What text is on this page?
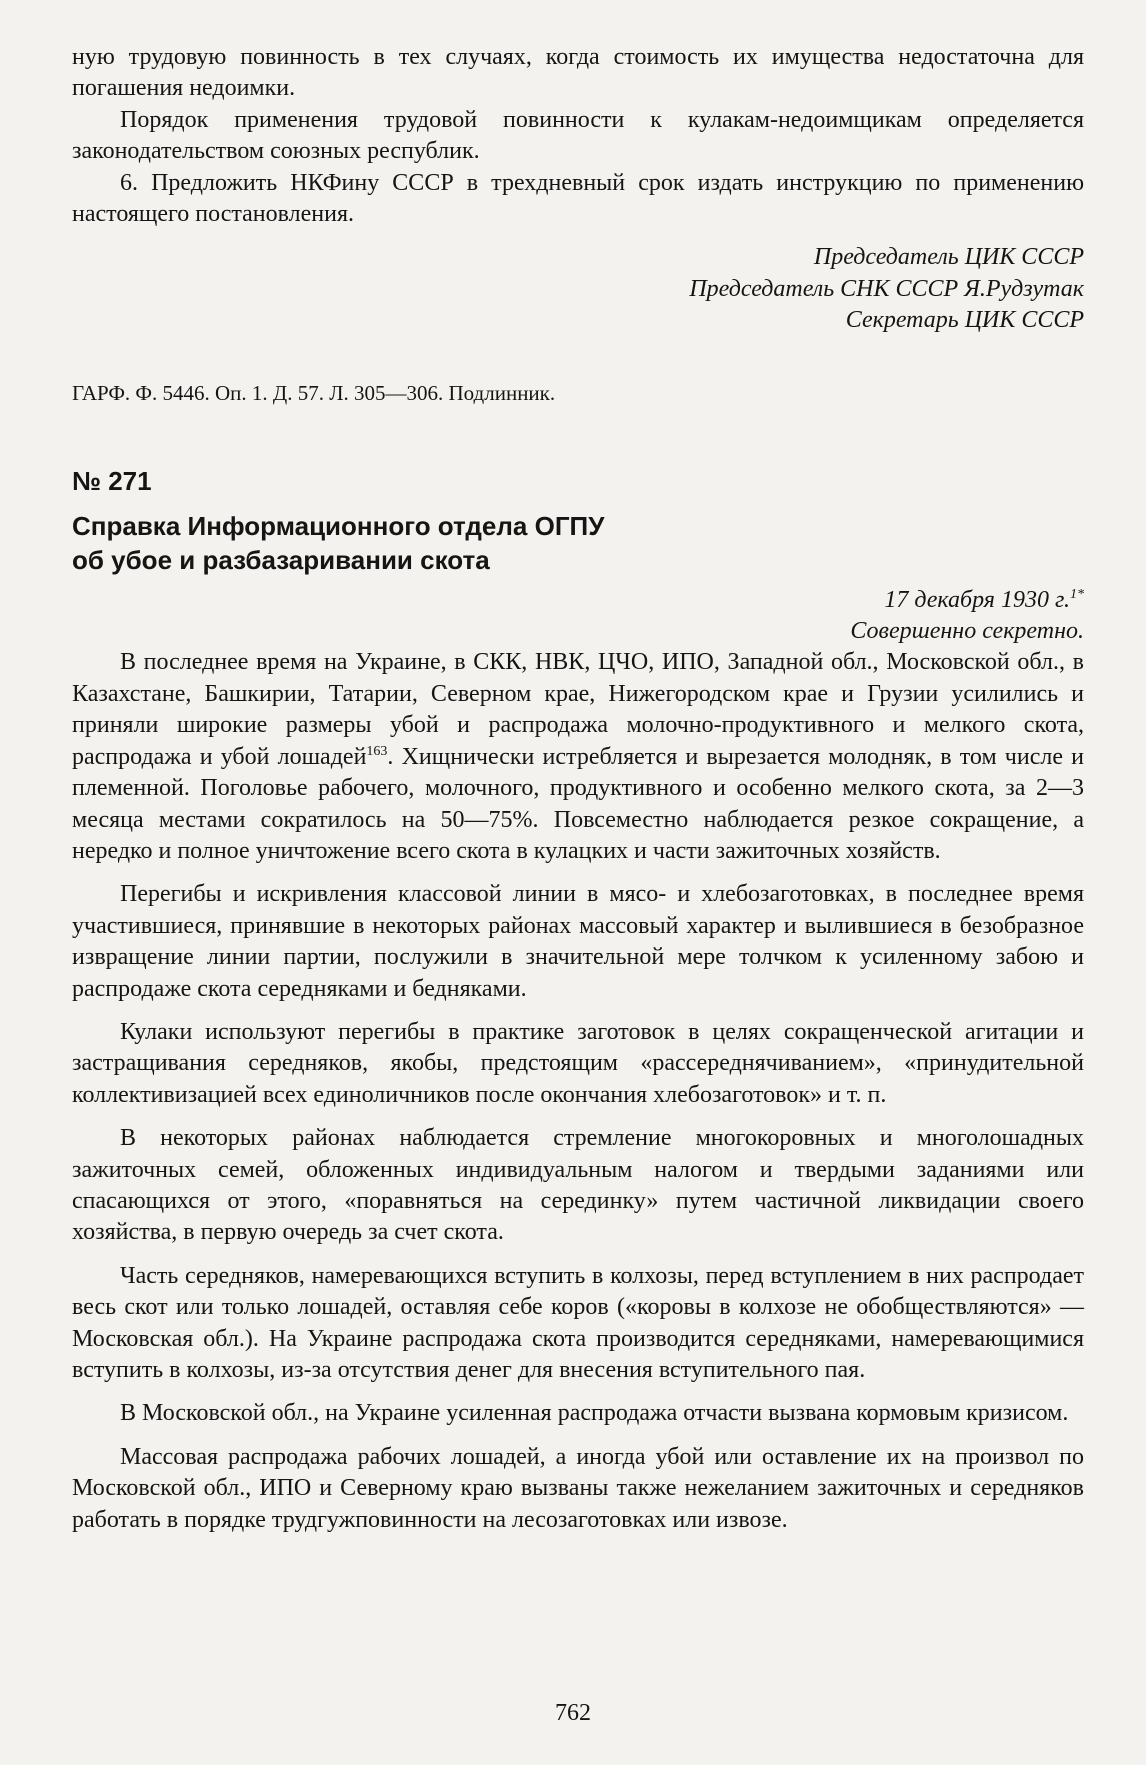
ную трудовую повинность в тех случаях, когда стоимость их имущества недостаточна для погашения недоимки.

Порядок применения трудовой повинности к кулакам-недоимщикам определяется законодательством союзных республик.

6. Предложить НКФину СССР в трехдневный срок издать инструкцию по применению настоящего постановления.

Председатель ЦИК СССР
Председатель СНК СССР Я.Рудзутак
Секретарь ЦИК СССР
ГАРФ. Ф. 5446. Оп. 1. Д. 57. Л. 305—306. Подлинник.
№ 271
Справка Информационного отдела ОГПУ об убое и разбазаривании скота
17 декабря 1930 г.$^{1*}$
Совершенно секретно.

В последнее время на Украине, в СКК, НВК, ЦЧО, ИПО, Западной обл., Московской обл., в Казахстане, Башкирии, Татарии, Северном крае, Нижегородском крае и Грузии усилились и приняли широкие размеры убой и распродажа молочно-продуктивного и мелкого скота, распродажа и убой лошадей$^{163}$. Хищнически истребляется и вырезается молодняк, в том числе и племенной. Поголовье рабочего, молочного, продуктивного и особенно мелкого скота, за 2—3 месяца местами сократилось на 50—75%. Повсеместно наблюдается резкое сокращение, а нередко и полное уничтожение всего скота в кулацких и части зажиточных хозяйств.

Перегибы и искривления классовой линии в мясо- и хлебозаготовках, в последнее время участившиеся, принявшие в некоторых районах массовый характер и вылившиеся в безобразное извращение линии партии, послужили в значительной мере толчком к усиленному забою и распродаже скота середняками и бедняками.

Кулаки используют перегибы в практике заготовок в целях сокращенческой агитации и застращивания середняков, якобы, предстоящим «рассереднячиванием», «принудительной коллективизацией всех единоличников после окончания хлебозаготовок» и т. п.

В некоторых районах наблюдается стремление многокоровных и многолошадных зажиточных семей, обложенных индивидуальным налогом и твердыми заданиями или спасающихся от этого, «поравняться на серединку» путем частичной ликвидации своего хозяйства, в первую очередь за счет скота.

Часть середняков, намеревающихся вступить в колхозы, перед вступлением в них распродает весь скот или только лошадей, оставляя себе коров («коровы в колхозе не обобществляются» — Московская обл.). На Украине распродажа скота производится середняками, намеревающимися вступить в колхозы, из-за отсутствия денег для внесения вступительного пая.

В Московской обл., на Украине усиленная распродажа отчасти вызвана кормовым кризисом.

Массовая распродажа рабочих лошадей, а иногда убой или оставление их на произвол по Московской обл., ИПО и Северному краю вызваны также нежеланием зажиточных и середняков работать в порядке трудгужповинности на лесозаготовках или извозе.

762
